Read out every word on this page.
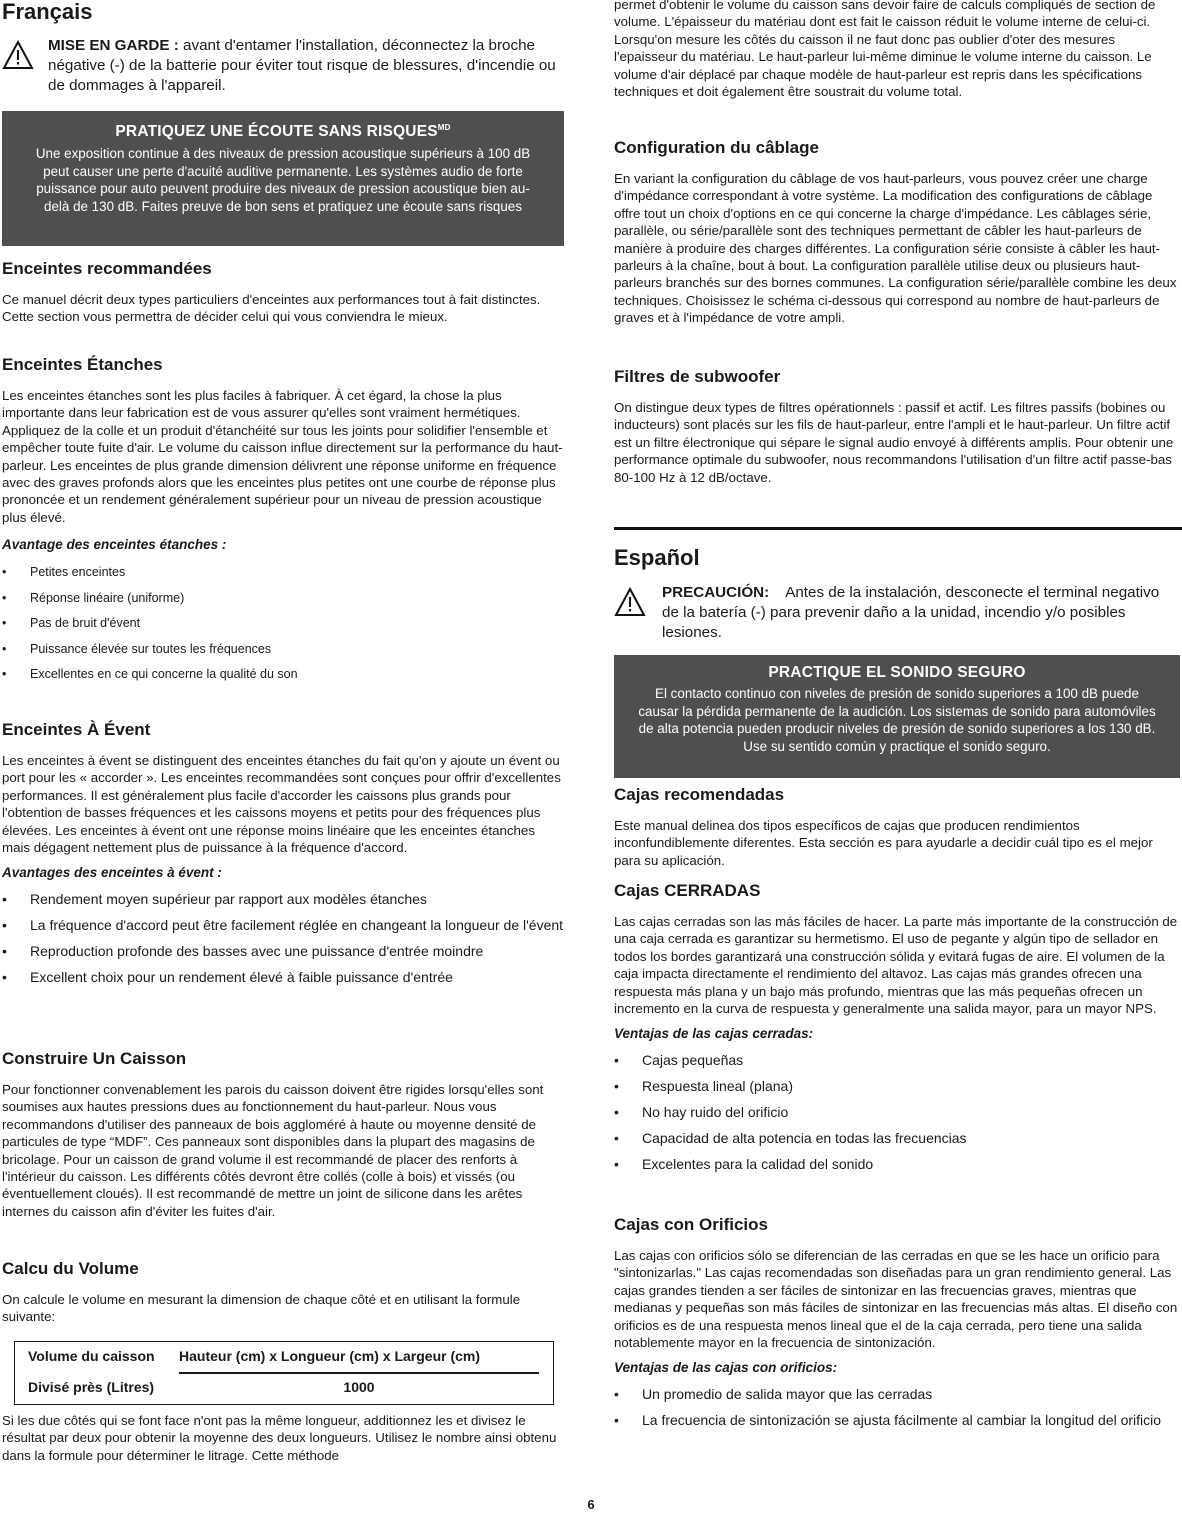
Français
MISE EN GARDE : avant d'entamer l'installation, déconnectez la broche négative (-) de la batterie pour éviter tout risque de blessures, d'incendie ou de dommages à l'appareil.
PRATIQUEZ UNE ÉCOUTE SANS $RISQUES^{MD}$
Une exposition continue à des niveaux de pression acoustique supérieurs à 100 dB peut causer une perte d'acuité auditive permanente. Les systèmes audio de forte puissance pour auto peuvent produire des niveaux de pression acoustique bien au-delà de 130 dB. Faites preuve de bon sens et pratiquez une écoute sans risques
Enceintes recommandées

Ce manuel décrit deux types particuliers d'enceintes aux performances tout à fait distinctes. Cette section vous permettra de décider celui qui vous conviendra le mieux.

Enceintes Étanches

Les enceintes étanches sont les plus faciles à fabriquer. À cet égard, la chose la plus importante dans leur fabrication est de vous assurer qu'elles sont vraiment hermétiques. Appliquez de la colle et un produit d'étanchéité sur tous les joints pour solidifier l'ensemble et empêcher toute fuite d'air. Le volume du caisson influe directement sur la performance du haut-parleur. Les enceintes de plus grande dimension délivrent une réponse uniforme en fréquence avec des graves profonds alors que les enceintes plus petites ont une courbe de réponse plus prononcée et un rendement généralement supérieur pour un niveau de pression acoustique plus élevé.

Avantage des enceintes étanches :
• Petites enceintes
• Réponse linéaire (uniforme)
• Pas de bruit d'évent
• Puissance élevée sur toutes les fréquences
• Excellentes en ce qui concerne la qualité du son
Enceintes À Évent

Les enceintes à évent se distinguent des enceintes étanches du fait qu'on y ajoute un évent ou port pour les « accorder ». Les enceintes recommandées sont conçues pour offrir d'excellentes performances. Il est généralement plus facile d'accorder les caissons plus grands pour l'obtention de basses fréquences et les caissons moyens et petits pour des fréquences plus élevées. Les enceintes à évent ont une réponse moins linéaire que les enceintes étanches mais dégagent nettement plus de puissance à la fréquence d'accord.

Avantages des enceintes à évent :
• Rendement moyen supérieur par rapport aux modèles étanches
• La fréquence d'accord peut être facilement réglée en changeant la longueur de l'évent
• Reproduction profonde des basses avec une puissance d'entrée moindre
• Excellent choix pour un rendement élevé à faible puissance d'entrée
Construire Un Caisson

Pour fonctionner convenablement les parois du caisson doivent être rigides lorsqu'elles sont soumises aux hautes pressions dues au fonctionnement du haut-parleur. Nous vous recommandons d'utiliser des panneaux de bois aggloméré à haute ou moyenne densité de particules de type “MDF”. Ces panneaux sont disponibles dans la plupart des magasins de bricolage. Pour un caisson de grand volume il est recommandé de placer des renforts à l'intérieur du caisson. Les différents côtés devront être collés (colle à bois) et vissés (ou éventuellement cloués). Il est recommandé de mettre un joint de silicone dans les arêtes internes du caisson afin d'éviter les fuites d'air.

Calcu du Volume

On calcule le volume en mesurant la dimension de chaque côté et en utilisant la formule suivante:

Volume du caisson Hauteur (cm) x Longueur (cm) x Largeur (cm)
Divisé près (Litres)	1000

Si les due côtés qui se font face n'ont pas la même longueur, additionnez les et divisez le résultat par deux pour obtenir la moyenne des deux longueurs. Utilisez le nombre ainsi obtenu dans la formule pour déterminer le litrage. Cette méthode

permet d'obtenir le volume du caisson sans devoir faire de calculs compliqués de section de volume. L'épaisseur du matériau dont est fait le caisson réduit le volume interne de celui-ci. Lorsqu'on mesure les côtés du caisson il ne faut donc pas oublier d'oter des mesures l'epaisseur du matériau. Le haut-parleur lui-même diminue le volume interne du caisson. Le volume d'air déplacé par chaque modèle de haut-parleur est repris dans les spécifications techniques et doit également être soustrait du volume total.

Configuration du câblage

En variant la configuration du câblage de vos haut-parleurs, vous pouvez créer une charge d'impédance correspondant à votre système. La modification des configurations de câblage offre tout un choix d'options en ce qui concerne la charge d'impédance. Les câblages série, parallèle, ou série/parallèle sont des techniques permettant de câbler les haut-parleurs de manière à produire des charges différentes. La configuration série consiste à câbler les haut-parleurs à la chaîne, bout à bout. La configuration parallèle utilise deux ou plusieurs haut-parleurs branchés sur des bornes communes. La configuration série/parallèle combine les deux techniques. Choisissez le schéma ci-dessous qui correspond au nombre de haut-parleurs de graves et à l'impédance de votre ampli.

Filtres de subwoofer

On distingue deux types de filtres opérationnels : passif et actif. Les filtres passifs (bobines ou inducteurs) sont placés sur les fils de haut-parleur, entre l'ampli et le haut-parleur. Un filtre actif est un filtre électronique qui sépare le signal audio envoyé à différents amplis. Pour obtenir une performance optimale du subwoofer, nous recommandons l'utilisation d'un filtre actif passe-bas 80-100 Hz à 12 dB/octave.

Español
PRECAUCIÓN: Antes de la instalación, desconecte el terminal negativo de la batería (-) para prevenir daño a la unidad, incendio y/o posibles lesiones.
PRACTIQUE EL SONIDO SEGURO
El contacto continuo con niveles de presión de sonido superiores a 100 dB puede causar la pérdida permanente de la audición. Los sistemas de sonido para automóviles de alta potencia pueden producir niveles de presión de sonido superiores a los 130 dB. Use su sentido común y practique el sonido seguro.
Cajas recomendadas

Este manual delinea dos tipos específicos de cajas que producen rendimientos inconfundiblemente diferentes. Esta sección es para ayudarle a decidir cuál tipo es el mejor para su aplicación.

Cajas CERRADAS

Las cajas cerradas son las más fáciles de hacer. La parte más importante de la construcción de una caja cerrada es garantizar su hermetismo. El uso de pegante y algún tipo de sellador en todos los bordes garantizará una construcción sólida y evitará fugas de aire. El volumen de la caja impacta directamente el rendimiento del altavoz. Las cajas más grandes ofrecen una respuesta más plana y un bajo más profundo, mientras que las más pequeñas ofrecen un incremento en la curva de respuesta y generalmente una salida mayor, para un mayor NPS.

Ventajas de las cajas cerradas:
• Cajas pequeñas
• Respuesta lineal (plana)
• No hay ruido del orificio
• Capacidad de alta potencia en todas las frecuencias
• Excelentes para la calidad del sonido
Cajas con Orificios

Las cajas con orificios sólo se diferencian de las cerradas en que se les hace un orificio para "sintonizarlas." Las cajas recomendadas son diseñadas para un gran rendimiento general. Las cajas grandes tienden a ser fáciles de sintonizar en las frecuencias graves, mientras que medianas y pequeñas son más fáciles de sintonizar en las frecuencias más altas. El diseño con orificios es de una respuesta menos lineal que el de la caja cerrada, pero tiene una salida notablemente mayor en la frecuencia de sintonización.

Ventajas de las cajas con orificios:
• Un promedio de salida mayor que las cerradas
• La frecuencia de sintonización se ajusta fácilmente al cambiar la longitud del orificio
6
